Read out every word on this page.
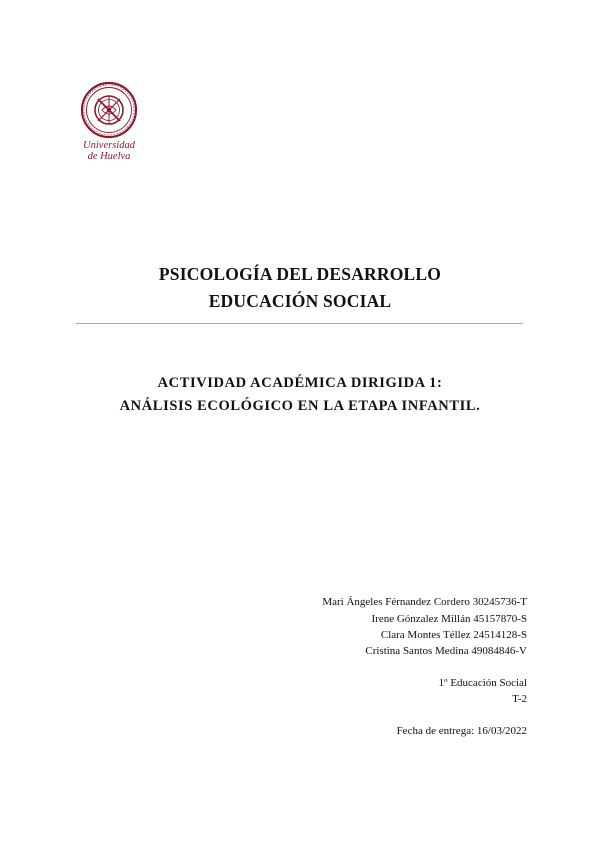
Universidad
de Huelva
PSICOLOGÍA DEL DESARROLLO
EDUCACIÓN SOCIAL
ACTIVIDAD ACADÉMICA DIRIGIDA 1:
ANÁLISIS ECOLÓGICO EN LA ETAPA INFANTIL.
Mari Ángeles Férnandez Cordero 30245736-T
Irene Gónzalez Millán 45157870-S
Clara Montes Téllez 24514128-S
Cristina Santos Medina 49084846-V
1º Educación Social
T-2
Fecha de entrega: 16/03/2022
